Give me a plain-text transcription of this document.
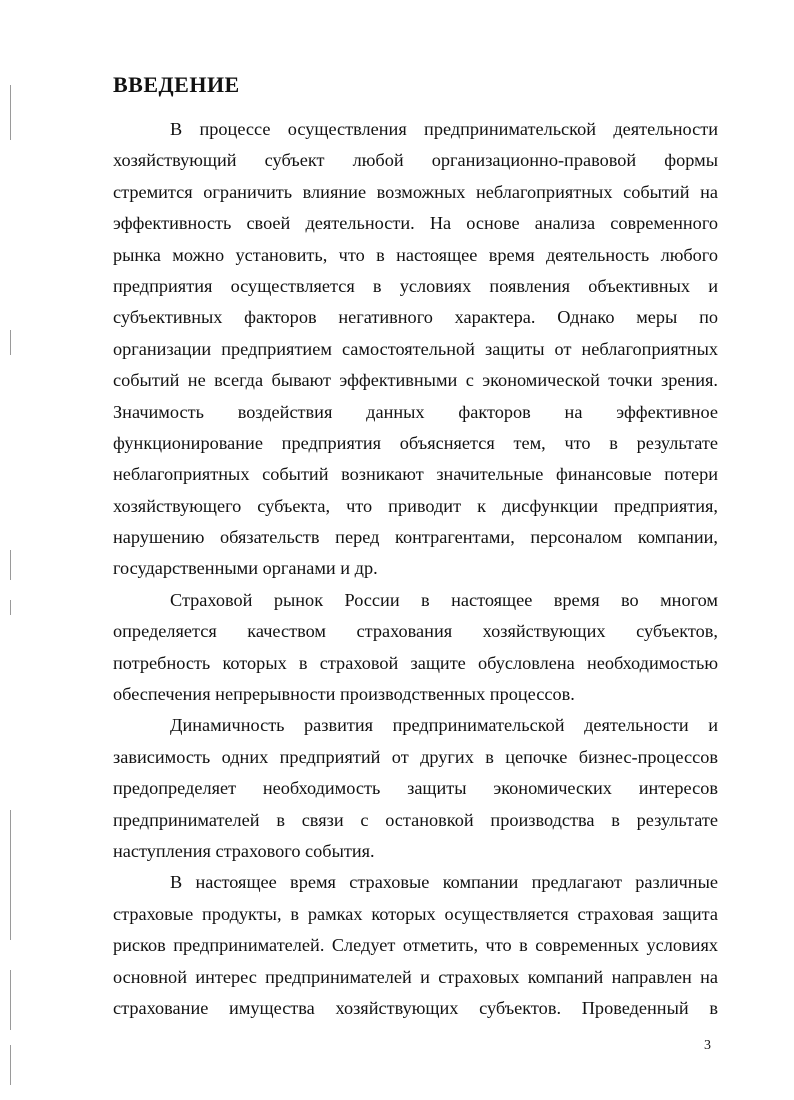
ВВЕДЕНИЕ
В процессе осуществления предпринимательской деятельности
хозяйствующий субъект любой организационно-правовой формы
стремится ограничить влияние возможных неблагоприятных событий на
эффективность своей деятельности. На основе анализа современного
рынка можно установить, что в настоящее время деятельность любого
предприятия осуществляется в условиях появления объективных и
субъективных факторов негативного характера. Однако меры по
организации предприятием самостоятельной защиты от неблагоприятных
событий не всегда бывают эффективными с экономической точки зрения.
Значимость воздействия данных факторов на эффективное
функционирование предприятия объясняется тем, что в результате
неблагоприятных событий возникают значительные финансовые потери
хозяйствующего субъекта, что приводит к дисфункции предприятия,
нарушению обязательств перед контрагентами, персоналом компании,
государственными органами и др.
Страховой рынок России в настоящее время во многом
определяется качеством страхования хозяйствующих субъектов,
потребность которых в страховой защите обусловлена необходимостью
обеспечения непрерывности производственных процессов.
Динамичность развития предпринимательской деятельности и
зависимость одних предприятий от других в цепочке бизнес-процессов
предопределяет необходимость защиты экономических интересов
предпринимателей в связи с остановкой производства в результате
наступления страхового события.
В настоящее время страховые компании предлагают различные
страховые продукты, в рамках которых осуществляется страховая защита
рисков предпринимателей. Следует отметить, что в современных условиях
основной интерес предпринимателей и страховых компаний направлен на
страхование имущества хозяйствующих субъектов. Проведенный в
3
